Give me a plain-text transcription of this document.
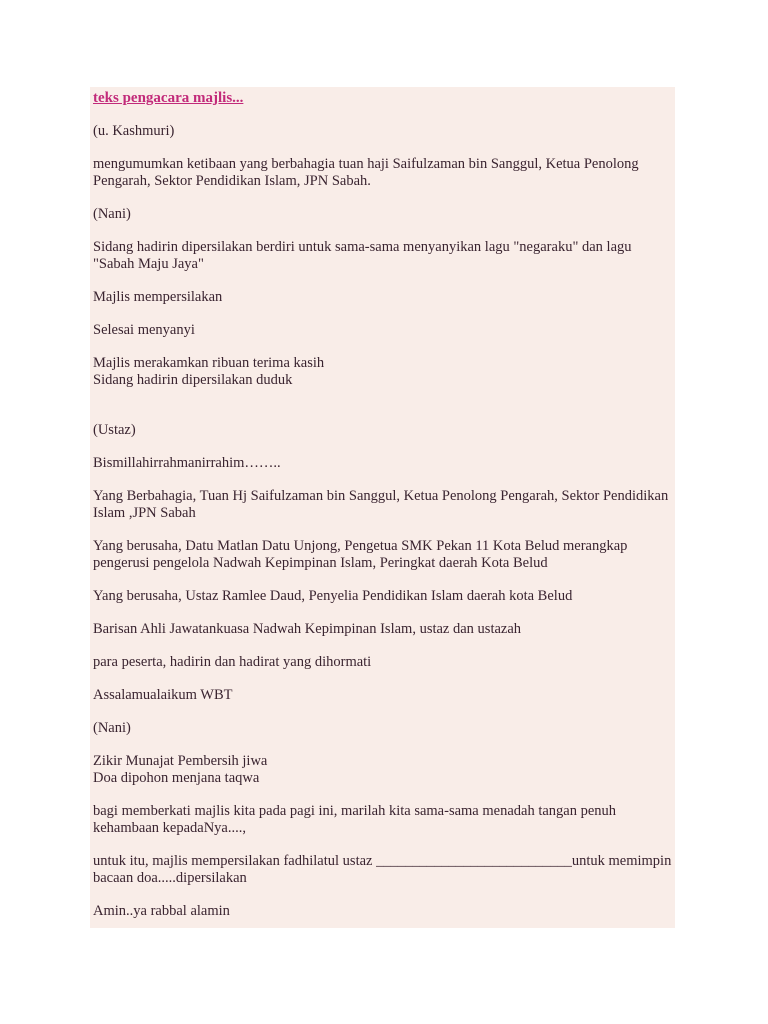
teks pengacara majlis...

(u. Kashmuri)

mengumumkan ketibaan yang berbahagia tuan haji Saifulzaman bin Sanggul, Ketua Penolong Pengarah, Sektor Pendidikan Islam, JPN Sabah.

(Nani)

Sidang hadirin dipersilakan berdiri untuk sama-sama menyanyikan lagu "negaraku" dan lagu "Sabah Maju Jaya"

Majlis mempersilakan

Selesai menyanyi

Majlis merakamkan ribuan terima kasih
Sidang hadirin dipersilakan duduk

(Ustaz)

Bismillahirrahmanirrahim……..

Yang Berbahagia, Tuan Hj Saifulzaman bin Sanggul, Ketua Penolong Pengarah, Sektor Pendidikan Islam ,JPN Sabah

Yang berusaha, Datu Matlan Datu Unjong, Pengetua SMK Pekan 11 Kota Belud merangkap pengerusi pengelola Nadwah Kepimpinan Islam, Peringkat daerah Kota Belud

Yang berusaha, Ustaz Ramlee Daud, Penyelia Pendidikan Islam daerah kota Belud

Barisan Ahli Jawatankuasa Nadwah Kepimpinan Islam, ustaz dan ustazah

para peserta, hadirin dan hadirat yang dihormati

Assalamualaikum WBT

(Nani)

Zikir Munajat Pembersih jiwa
Doa dipohon menjana taqwa

bagi memberkati majlis kita pada pagi ini, marilah kita sama-sama menadah tangan penuh kehambaan kepadaNya....,

untuk itu, majlis mempersilakan fadhilatul ustaz ___________________________untuk memimpin bacaan doa.....dipersilakan

Amin..ya rabbal alamin
